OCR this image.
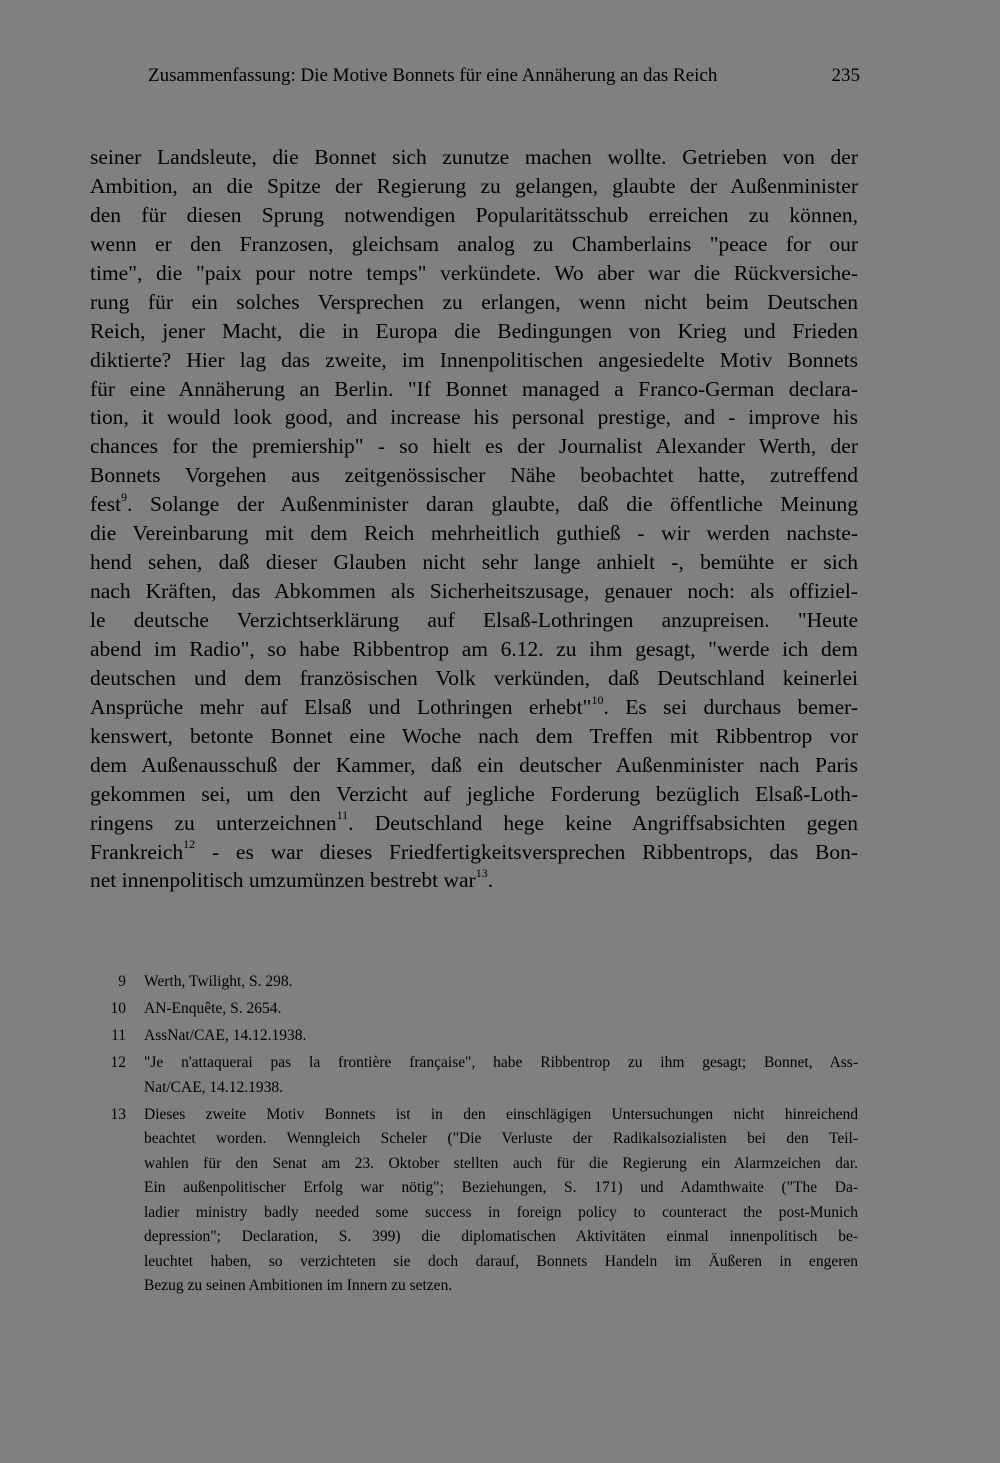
Zusammenfassung: Die Motive Bonnets für eine Annäherung an das Reich	235
seiner Landsleute, die Bonnet sich zunutze machen wollte. Getrieben von der
Ambition, an die Spitze der Regierung zu gelangen, glaubte der Außenminister
den für diesen Sprung notwendigen Popularitätsschub erreichen zu können,
wenn er den Franzosen, gleichsam analog zu Chamberlains "peace for our
time", die "paix pour notre temps" verkündete. Wo aber war die Rückversiche-
rung für ein solches Versprechen zu erlangen, wenn nicht beim Deutschen
Reich, jener Macht, die in Europa die Bedingungen von Krieg und Frieden
diktierte? Hier lag das zweite, im Innenpolitischen angesiedelte Motiv Bonnets
für eine Annäherung an Berlin. "If Bonnet managed a Franco-German declara-
tion, it would look good, and increase his personal prestige, and - improve his
chances for the premiership" - so hielt es der Journalist Alexander Werth, der
Bonnets Vorgehen aus zeitgenössischer Nähe beobachtet hatte, zutreffend
fest$^9$. Solange der Außenminister daran glaubte, daß die öffentliche Meinung
die Vereinbarung mit dem Reich mehrheitlich guthieß - wir werden nachste-
hend sehen, daß dieser Glauben nicht sehr lange anhielt -, bemühte er sich
nach Kräften, das Abkommen als Sicherheitszusage, genauer noch: als offiziel-
le deutsche Verzichtserklärung auf Elsaß-Lothringen anzupreisen. "Heute
abend im Radio", so habe Ribbentrop am 6.12. zu ihm gesagt, "werde ich dem
deutschen und dem französischen Volk verkünden, daß Deutschland keinerlei
Ansprüche mehr auf Elsaß und Lothringen erhebt"$^{10}$. Es sei durchaus bemer-
kenswert, betonte Bonnet eine Woche nach dem Treffen mit Ribbentrop vor
dem Außenausschuß der Kammer, daß ein deutscher Außenminister nach Paris
gekommen sei, um den Verzicht auf jegliche Forderung bezüglich Elsaß-Loth-
ringens zu unterzeichnen$^{11}$. Deutschland hege keine Angriffsabsichten gegen
Frankreich$^{12}$ - es war dieses Friedfertigkeitsversprechen Ribbentrops, das Bon-
net innenpolitisch umzumünzen bestrebt war$^{13}$.
9 Werth, Twilight, S. 298.
10 AN-Enquête, S. 2654.
11 AssNat/CAE, 14.12.1938.
12 "Je n'attaquerai pas la frontière française", habe Ribbentrop zu ihm gesagt; Bonnet, Ass-
Nat/CAE, 14.12.1938.
13 Dieses zweite Motiv Bonnets ist in den einschlägigen Untersuchungen nicht hinreichend
beachtet worden. Wenngleich Scheler ("Die Verluste der Radikalsozialisten bei den Teil-
wahlen für den Senat am 23. Oktober stellten auch für die Regierung ein Alarmzeichen dar.
Ein außenpolitischer Erfolg war nötig"; Beziehungen, S. 171) und Adamthwaite ("The Da-
ladier ministry badly needed some success in foreign policy to counteract the post-Munich
depression"; Declaration, S. 399) die diplomatischen Aktivitäten einmal innenpolitisch be-
leuchtet haben, so verzichteten sie doch darauf, Bonnets Handeln im Äußeren in engeren
Bezug zu seinen Ambitionen im Innern zu setzen.
